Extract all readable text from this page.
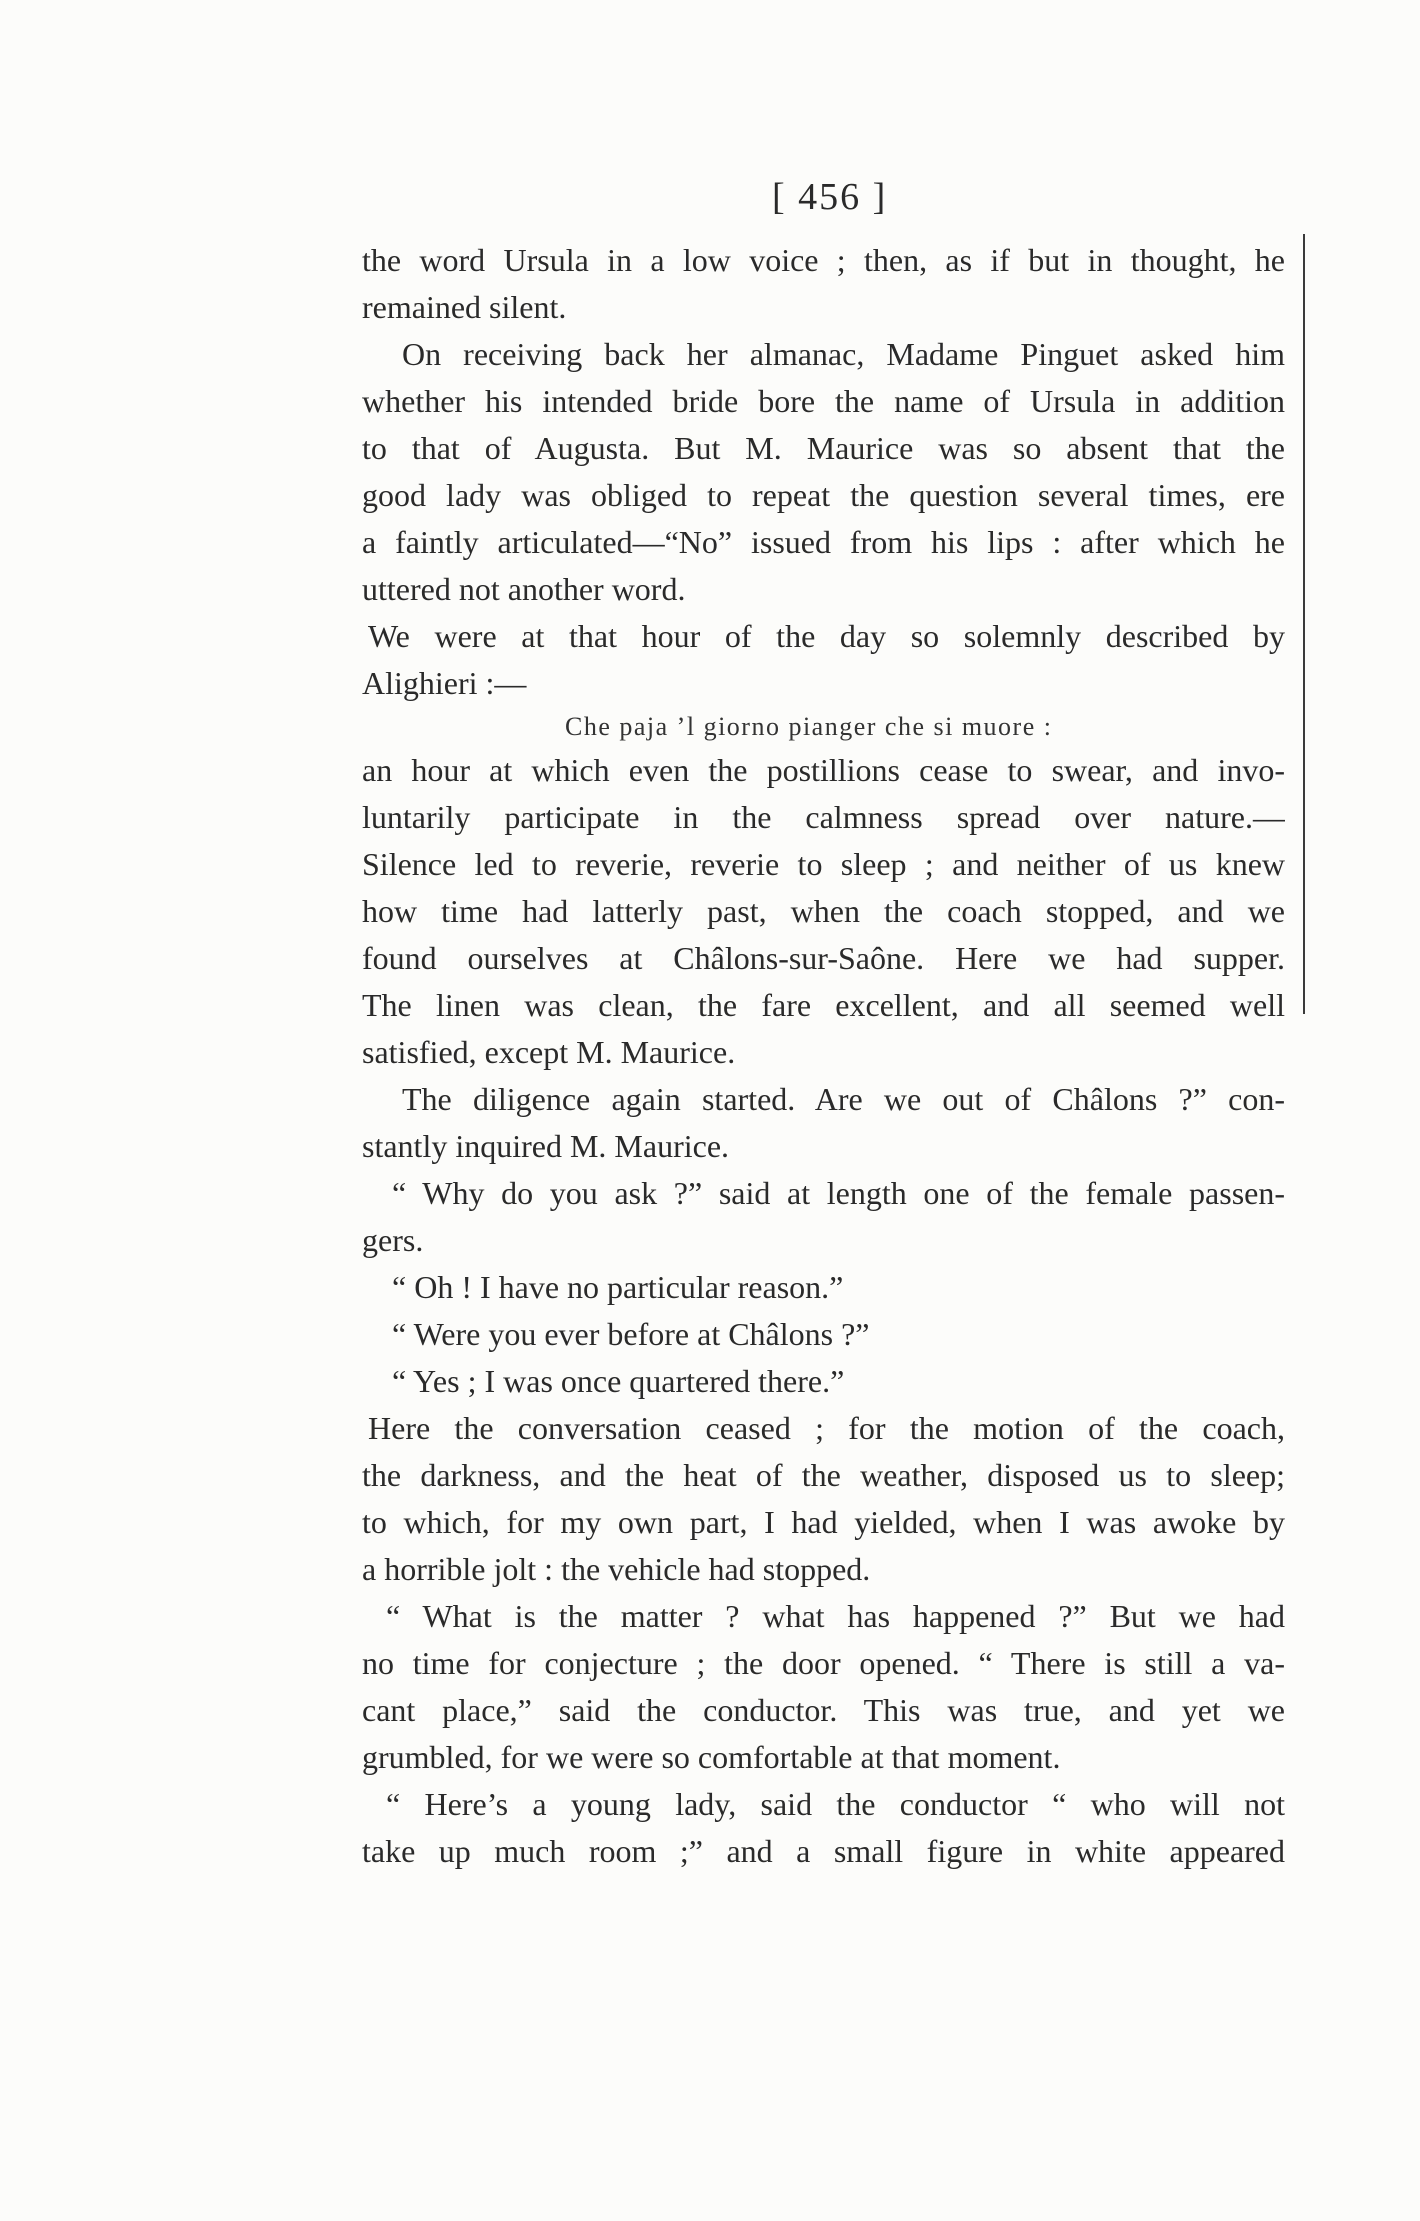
[ 456 ]
the word Ursula in a low voice ; then, as if but in thought, he
remained silent.
On receiving back her almanac, Madame Pinguet asked him
whether his intended bride bore the name of Ursula in addition
to that of Augusta. But M. Maurice was so absent that the
good lady was obliged to repeat the question several times, ere
a faintly articulated—“No” issued from his lips : after which he
uttered not another word.
We were at that hour of the day so solemnly described by
Alighieri :—
Che paja ’l giorno pianger che si muore :
an hour at which even the postillions cease to swear, and invo-
luntarily participate in the calmness spread over nature.—
Silence led to reverie, reverie to sleep ; and neither of us knew
how time had latterly past, when the coach stopped, and we
found ourselves at Châlons-sur-Saône. Here we had supper.
The linen was clean, the fare excellent, and all seemed well
satisfied, except M. Maurice.
The diligence again started. Are we out of Châlons ?” con-
stantly inquired M. Maurice.
“ Why do you ask ?” said at length one of the female passen-
gers.
“ Oh ! I have no particular reason.”
“ Were you ever before at Châlons ?”
“ Yes ; I was once quartered there.”
Here the conversation ceased ; for the motion of the coach,
the darkness, and the heat of the weather, disposed us to sleep;
to which, for my own part, I had yielded, when I was awoke by
a horrible jolt : the vehicle had stopped.
“ What is the matter ? what has happened ?” But we had
no time for conjecture ; the door opened. “ There is still a va-
cant place,” said the conductor. This was true, and yet we
grumbled, for we were so comfortable at that moment.
“ Here’s a young lady, said the conductor “ who will not
take up much room ;” and a small figure in white appeared
